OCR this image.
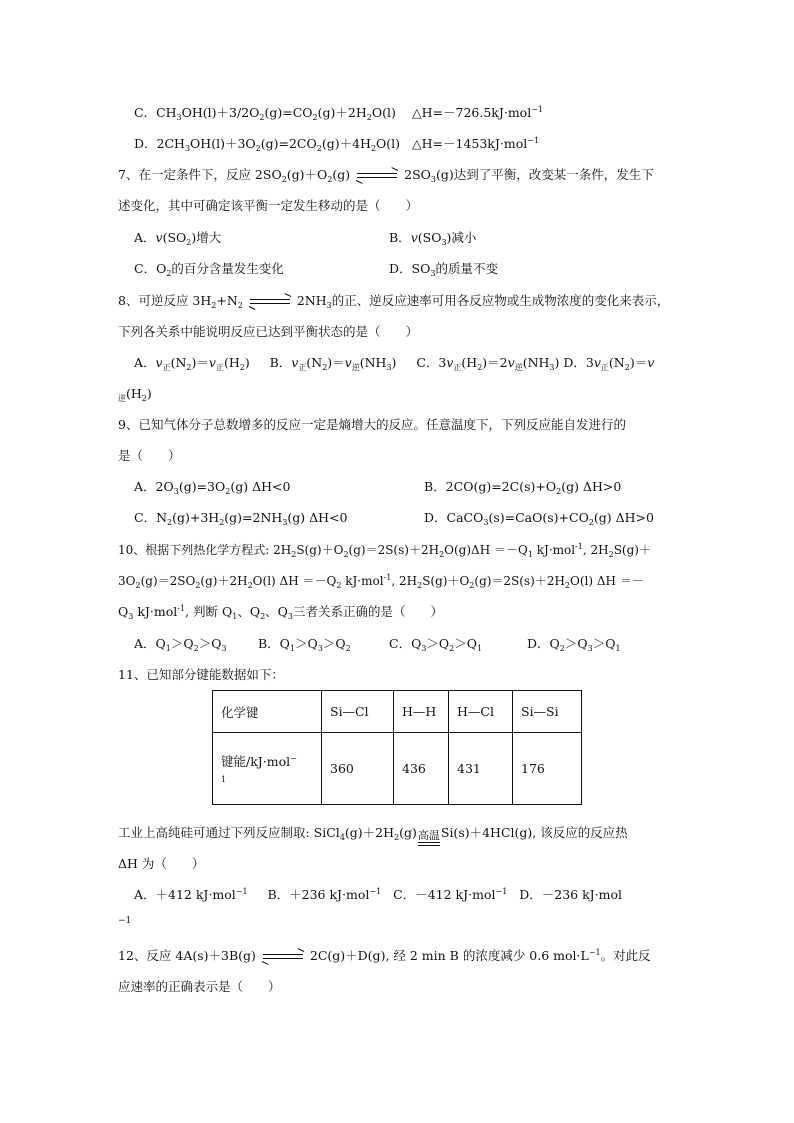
C．$CH_3OH(l)+3/2O_2(g)=CO_2(g)+2H_2O(l)$ △H=－726.5kJ·mol$^{-1}$
D．$2CH_3OH(l)+3O_2(g)=2CO_2(g)+4H_2O(l)$ △H=－1453kJ·mol$^{-1}$
7、在一定条件下，反应 $2SO_2(g)+O_2(g)$	$2SO_3(g)$达到了平衡，改变某一条件，发生下
述变化，其中可确定该平衡一定发生移动的是（　　）
A．$v(SO_2)$增大	B．$v(SO_3)$减小
C．$O_2$的百分含量发生变化	D．$SO_3$的质量不变
8、可逆反应 $3H_2+N_2$	$2NH_3$的正、逆反应速率可用各反应物或生成物浓度的变化来表示，
下列各关系中能说明反应已达到平衡状态的是（　　）
A．$v_正(N_2)=v_正(H_2)$ B．$v_正(N_2)=v_逆(NH_3)$ C．$3v_正(H_2)=2v_逆(NH_3)$ D．$3v_正(N_2)=v$
$_逆(H_2)$
9、已知气体分子总数增多的反应一定是熵增大的反应。任意温度下，下列反应能自发进行的
是（　　）
A．$2O_3(g)=3O_2(g)$ ΔH<0	B．$2CO(g)=2C(s)+O_2(g)$ ΔH>0
C．$N_2(g)+3H_2(g)=2NH_3(g)$ ΔH<0	D．$CaCO_3(s)=CaO(s)+CO_2(g)$ ΔH>0
10、根据下列热化学方程式: $2H_2S(g)+O_2(g)=2S(s)+2H_2O(g)\Delta H =-Q_1$ kJ·mol$^{-1}$, $2H_2S(g)+$
$3O_2(g)=2SO_2(g)+2H_2O(l)$ $\Delta H =-Q_2$ kJ·mol$^{-1}$, $2H_2S(g)+O_2(g)=2S(s)+2H_2O(l) \Delta H$ ＝－
$Q_3$ kJ·mol$^{-1}$, 判断 $Q_1$、$Q_2$、$Q_3$三者关系正确的是（　　）
A．$Q_1>Q_2>Q_3$	B．$Q_1>Q_3>Q_2$	C．$Q_3>Q_2>Q_1$	D．$Q_2>Q_3>Q_1$
11、已知部分键能数据如下：
化学键	Si—Cl	H—H	H—Cl	Si—Si
键能/kJ·mol−
1	360	436	431	176
工业上高纯硅可通过下列反应制取: $SiCl_4(g)+2H_2(g)$ 高温 Si(s)＋4HCl(g), 该反应的反应热
ΔH 为（　　）
A．＋412 kJ·mol$^{-1}$ B．＋236 kJ·mol$^{-1}$ C．－412 kJ·mol$^{-1}$ D．－236 kJ·mol
−1
12、反应 4A(s)＋3B(g)	2C(g)＋D(g), 经 2 min B 的浓度减少 0.6 $mol\cdot L^{-1}$。对此反
应速率的正确表示是（　　）
